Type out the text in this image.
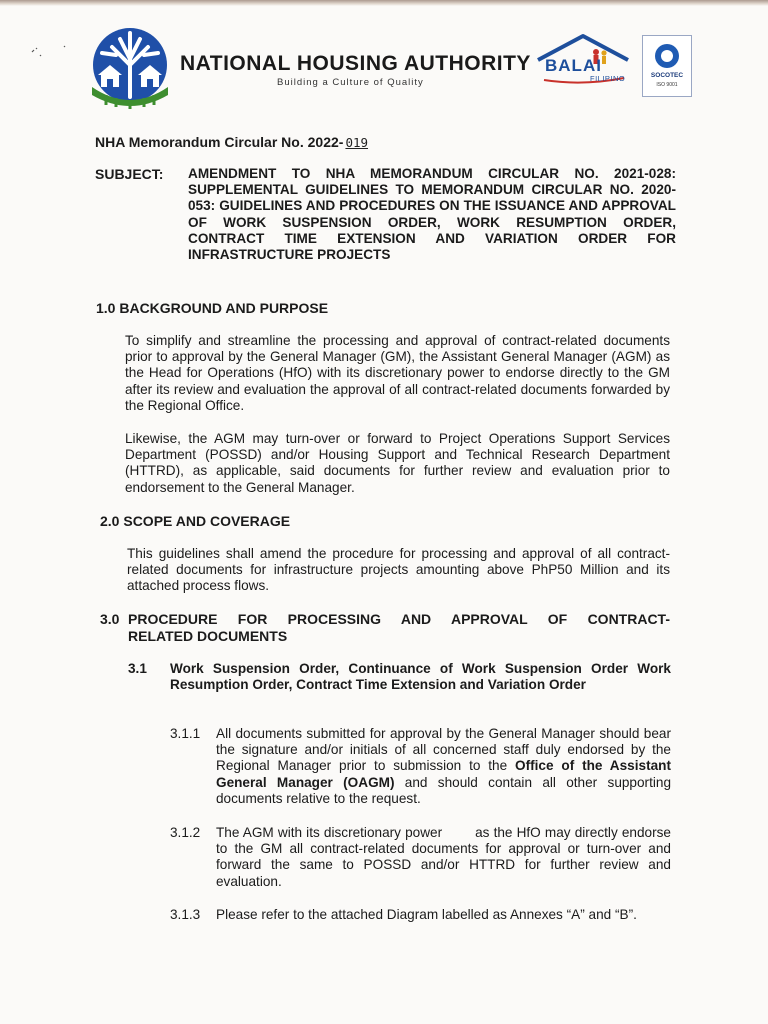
NATIONAL HOUSING AUTHORITY
Building a Culture of Quality
BALAI
FILIPINO	SOCOTEC
ISO 9001
NHA Memorandum Circular No. 2022- 019
SUBJECT: AMENDMENT TO NHA MEMORANDUM CIRCULAR NO. 2021-028: SUPPLEMENTAL GUIDELINES TO MEMORANDUM CIRCULAR NO. 2020-053: GUIDELINES AND PROCEDURES ON THE ISSUANCE AND APPROVAL OF WORK SUSPENSION ORDER, WORK RESUMPTION ORDER, CONTRACT TIME EXTENSION AND VARIATION ORDER FOR INFRASTRUCTURE PROJECTS
1.0 BACKGROUND AND PURPOSE
To simplify and streamline the processing and approval of contract-related documents prior to approval by the General Manager (GM), the Assistant General Manager (AGM) as the Head for Operations (HfO) with its discretionary power to endorse directly to the GM after its review and evaluation the approval of all contract-related documents forwarded by the Regional Office.
Likewise, the AGM may turn-over or forward to Project Operations Support Services Department (POSSD) and/or Housing Support and Technical Research Department (HTTRD), as applicable, said documents for further review and evaluation prior to endorsement to the General Manager.
2.0 SCOPE AND COVERAGE
This guidelines shall amend the procedure for processing and approval of all contract-related documents for infrastructure projects amounting above PhP50 Million and its attached process flows.
3.0 PROCEDURE FOR PROCESSING AND APPROVAL OF CONTRACT-
RELATED DOCUMENTS
3.1 Work Suspension Order, Continuance of Work Suspension Order Work Resumption Order, Contract Time Extension and Variation Order
3.1.1 All documents submitted for approval by the General Manager should bear the signature and/or initials of all concerned staff duly endorsed by the Regional Manager prior to submission to the Office of the Assistant General Manager (OAGM) and should contain all other supporting documents relative to the request.
3.1.2 The AGM with its discretionary power        as the HfO may directly endorse to the GM all contract-related documents for approval or turn-over and forward the same to POSSD and/or HTTRD for further review and evaluation.
3.1.3 Please refer to the attached Diagram labelled as Annexes “A” and “B”.
